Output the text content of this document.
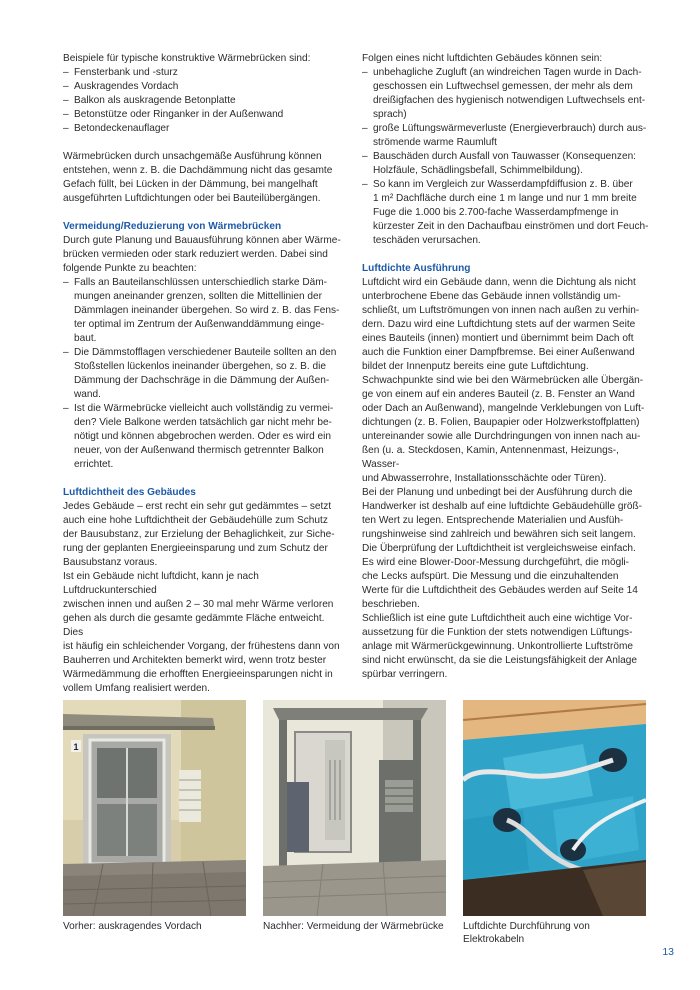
Beispiele für typische konstruktive Wärmebrücken sind:

– Fensterbank und -sturz
– Auskragendes Vordach
– Balkon als auskragende Betonplatte
– Betonstütze oder Ringanker in der Außenwand
– Betondeckenauflager

Wärmebrücken durch unsachgemäße Ausführung können
entstehen, wenn z. B. die Dachdämmung nicht das gesamte
Gefach füllt, bei Lücken in der Dämmung, bei mangelhaft
ausgeführten Luftdichtungen oder bei Bauteilübergängen.

Vermeidung/Reduzierung von Wärmebrücken

Durch gute Planung und Bauausführung können aber Wärme-
brücken vermieden oder stark reduziert werden. Dabei sind
folgende Punkte zu beachten:

– Falls an Bauteilanschlüssen unterschiedlich starke Däm-
mungen aneinander grenzen, sollten die Mittellinien der
Dämmlagen ineinander übergehen. So wird z. B. das Fens-
ter optimal im Zentrum der Außenwanddämmung einge-
baut.
– Die Dämmstofflagen verschiedener Bauteile sollten an den
Stoßstellen lückenlos ineinander übergehen, so z. B. die
Dämmung der Dachschräge in die Dämmung der Außen-
wand.
– Ist die Wärmebrücke vielleicht auch vollständig zu vermei-
den? Viele Balkone werden tatsächlich gar nicht mehr be-
nötigt und können abgebrochen werden. Oder es wird ein
neuer, von der Außenwand thermisch getrennter Balkon
errichtet.

Luftdichtheit des Gebäudes

Jedes Gebäude – erst recht ein sehr gut gedämmtes – setzt
auch eine hohe Luftdichtheit der Gebäudehülle zum Schutz
der Bausubstanz, zur Erzielung der Behaglichkeit, zur Siche-
rung der geplanten Energieeinsparung und zum Schutz der
Bausubstanz voraus.

Ist ein Gebäude nicht luftdicht, kann je nach Luftdruckunterschied
zwischen innen und außen 2 – 30 mal mehr Wärme verloren
gehen als durch die gesamte gedämmte Fläche entweicht. Dies
ist häufig ein schleichender Vorgang, der frühestens dann von
Bauherren und Architekten bemerkt wird, wenn trotz bester
Wärmedämmung die erhofften Energieeinsparungen nicht in
vollem Umfang realisiert werden.

Folgen eines nicht luftdichten Gebäudes können sein:

– unbehagliche Zugluft (an windreichen Tagen wurde in Dach-
geschossen ein Luftwechsel gemessen, der mehr als dem
dreißigfachen des hygienisch notwendigen Luftwechsels ent-
sprach)
– große Lüftungswärmeverluste (Energieverbrauch) durch aus-
strömende warme Raumluft
– Bauschäden durch Ausfall von Tauwasser (Konsequenzen:
Holzfäule, Schädlingsbefall, Schimmelbildung).
– So kann im Vergleich zur Wasserdampfdiffusion z. B. über
1 m² Dachfläche durch eine 1 m lange und nur 1 mm breite
Fuge die 1.000 bis 2.700-fache Wasserdampfmenge in
kürzester Zeit in den Dachaufbau einströmen und dort Feuch-
teschäden verursachen.

Luftdichte Ausführung

Luftdicht wird ein Gebäude dann, wenn die Dichtung als nicht
unterbrochene Ebene das Gebäude innen vollständig um-
schließt, um Luftströmungen von innen nach außen zu verhin-
dern. Dazu wird eine Luftdichtung stets auf der warmen Seite
eines Bauteils (innen) montiert und übernimmt beim Dach oft
auch die Funktion einer Dampfbremse. Bei einer Außenwand
bildet der Innenputz bereits eine gute Luftdichtung.
Schwachpunkte sind wie bei den Wärmebrücken alle Übergän-
ge von einem auf ein anderes Bauteil (z. B. Fenster an Wand
oder Dach an Außenwand), mangelnde Verklebungen von Luft-
dichtungen (z. B. Folien, Baupapier oder Holzwerkstoffplatten)
untereinander sowie alle Durchdringungen von innen nach au-
ßen (u. a. Steckdosen, Kamin, Antennenmast, Heizungs-, Wasser-
und Abwasserrohre, Installationsschächte oder Türen).

Bei der Planung und unbedingt bei der Ausführung durch die
Handwerker ist deshalb auf eine luftdichte Gebäudehülle größ-
ten Wert zu legen. Entsprechende Materialien und Ausfüh-
rungshinweise sind zahlreich und bewähren sich seit langem.
Die Überprüfung der Luftdichtheit ist vergleichsweise einfach.
Es wird eine Blower-Door-Messung durchgeführt, die mögli-
che Lecks aufspürt. Die Messung und die einzuhaltenden
Werte für die Luftdichtheit des Gebäudes werden auf Seite 14
beschrieben.

Schließlich ist eine gute Luftdichtheit auch eine wichtige Vor-
aussetzung für die Funktion der stets notwendigen Lüftungs-
anlage mit Wärmerückgewinnung. Unkontrollierte Luftströme
sind nicht erwünscht, da sie die Leistungsfähigkeit der Anlage
spürbar verringern.

1
Vorher: auskragendes Vordach	Nachher: Vermeidung der Wärmebrücke	Luftdichte Durchführung von
Elektrokabeln
13
